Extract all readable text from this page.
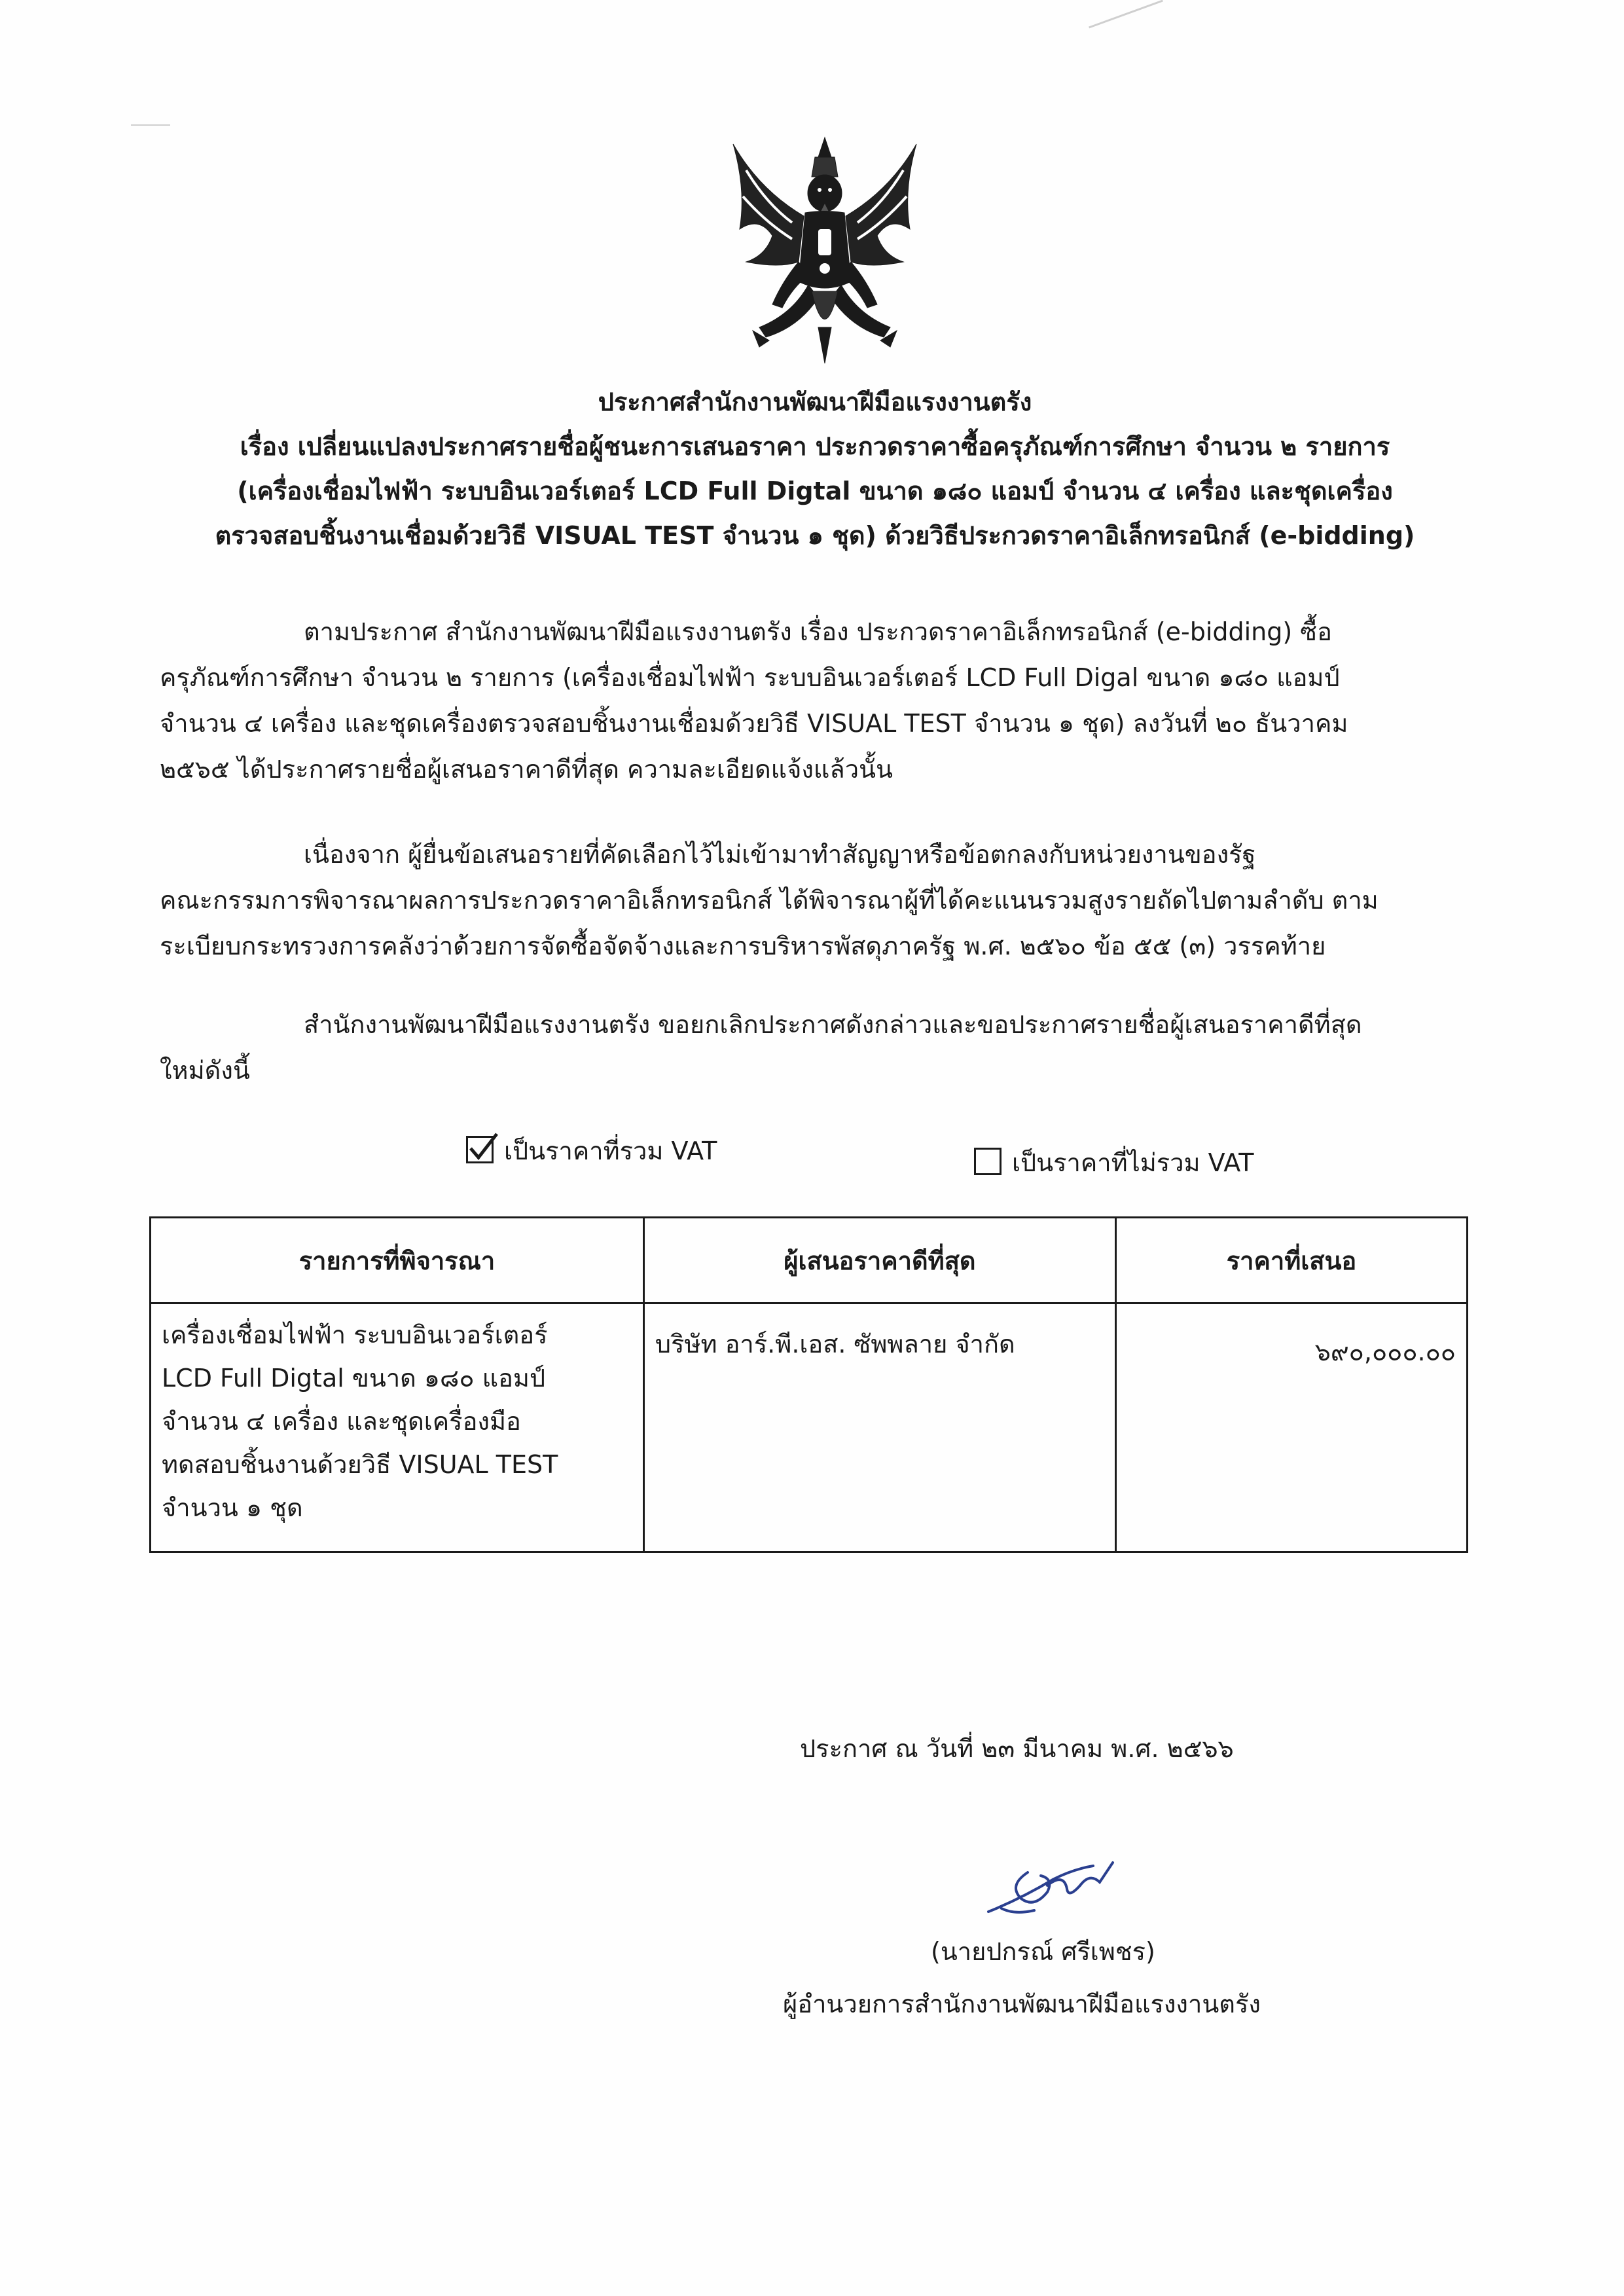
ประกาศสำนักงานพัฒนาฝีมือแรงงานตรัง
เรื่อง เปลี่ยนแปลงประกาศรายชื่อผู้ชนะการเสนอราคา ประกวดราคาซื้อครุภัณฑ์การศึกษา จำนวน ๒ รายการ
(เครื่องเชื่อมไฟฟ้า ระบบอินเวอร์เตอร์ LCD Full Digtal ขนาด ๑๘๐ แอมป์ จำนวน ๔ เครื่อง และชุดเครื่อง
ตรวจสอบชิ้นงานเชื่อมด้วยวิธี VISUAL TEST จำนวน ๑ ชุด) ด้วยวิธีประกวดราคาอิเล็กทรอนิกส์ (e-bidding)
ตามประกาศ สำนักงานพัฒนาฝีมือแรงงานตรัง เรื่อง ประกวดราคาอิเล็กทรอนิกส์ (e-bidding) ซื้อ
ครุภัณฑ์การศึกษา จำนวน ๒ รายการ (เครื่องเชื่อมไฟฟ้า ระบบอินเวอร์เตอร์ LCD Full Digal ขนาด ๑๘๐ แอมป์
จำนวน ๔ เครื่อง และชุดเครื่องตรวจสอบชิ้นงานเชื่อมด้วยวิธี VISUAL TEST จำนวน ๑ ชุด) ลงวันที่ ๒๐ ธันวาคม
๒๕๖๕ ได้ประกาศรายชื่อผู้เสนอราคาดีที่สุด ความละเอียดแจ้งแล้วนั้น
เนื่องจาก ผู้ยื่นข้อเสนอรายที่คัดเลือกไว้ไม่เข้ามาทำสัญญาหรือข้อตกลงกับหน่วยงานของรัฐ
คณะกรรมการพิจารณาผลการประกวดราคาอิเล็กทรอนิกส์ ได้พิจารณาผู้ที่ได้คะแนนรวมสูงรายถัดไปตามลำดับ ตาม
ระเบียบกระทรวงการคลังว่าด้วยการจัดซื้อจัดจ้างและการบริหารพัสดุภาครัฐ พ.ศ. ๒๕๖๐ ข้อ ๕๕ (๓) วรรคท้าย
สำนักงานพัฒนาฝีมือแรงงานตรัง ขอยกเลิกประกาศดังกล่าวและขอประกาศรายชื่อผู้เสนอราคาดีที่สุด
ใหม่ดังนี้
เป็นราคาที่รวม VAT	เป็นราคาที่ไม่รวม VAT
รายการที่พิจารณา	ผู้เสนอราคาดีที่สุด	ราคาที่เสนอ

เครื่องเชื่อมไฟฟ้า ระบบอินเวอร์เตอร์
LCD Full Digtal ขนาด ๑๘๐ แอมป์
จำนวน ๔ เครื่อง และชุดเครื่องมือ
ทดสอบชิ้นงานด้วยวิธี VISUAL TEST
จำนวน ๑ ชุด	บริษัท อาร์.พี.เอส. ซัพพลาย จำกัด	๖๙๐,๐๐๐.๐๐
ประกาศ ณ วันที่ ๒๓ มีนาคม พ.ศ. ๒๕๖๖
(นายปกรณ์ ศรีเพชร)
ผู้อำนวยการสำนักงานพัฒนาฝีมือแรงงานตรัง
